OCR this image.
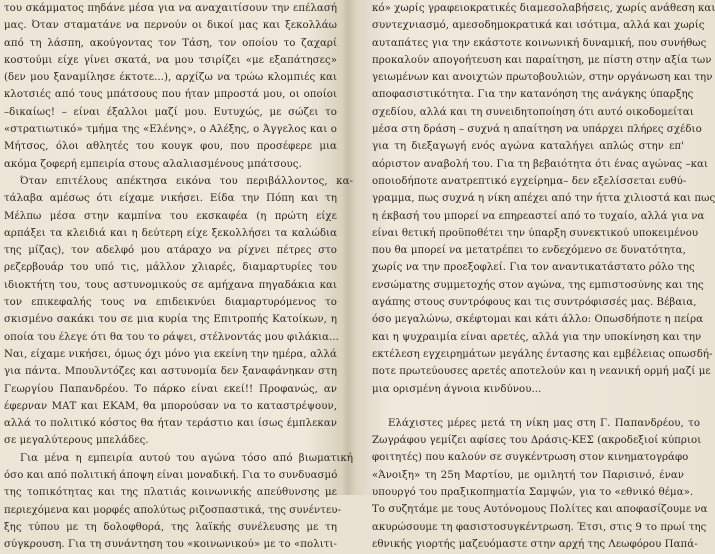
του σκάμματος πηδάνε μέσα για να αναχαιτίσουν την επέλασή
μας. Όταν σταματάνε να περνούν οι δικοί μας και ξεκολλάω
από τη λάσπη, ακούγοντας τον Τάση, τον οποίου το ζαχαρί
κοστούμι είχε γίνει σκατά, να μου τσιρίζει «με εξαπάτησες»
(δεν μου ξαναμίλησε έκτοτε...), αρχίζω να τρώω κλομπιές και
κλοτσιές από τους μπάτσους που ήταν μπροστά μου, οι οποίοι
–δικαίως! – είναι έξαλλοι μαζί μου. Ευτυχώς, με σώζει το
«στρατιωτικό» τμήμα της «Ελένης», ο Αλέξης, ο Άγγελος και ο
Μήτσος, όλοι αθλητές του κουγκ φου, που προσέφερε μια
ακόμα ζοφερή εμπειρία στους αλαλιασμένους μπάτσους.
Όταν επιτέλους απέκτησα εικόνα του περιβάλλοντος, κα-
τάλαβα αμέσως ότι είχαμε νικήσει. Είδα την Πόπη και τη
Μέλπω μέσα στην καμπίνα του εκσκαφέα (η πρώτη είχε
αρπάξει τα κλειδιά και η δεύτερη είχε ξεκολλήσει τα καλώδια
της μίζας), τον αδελφό μου ατάραχο να ρίχνει πέτρες στο
ρεζερβουάρ του υπό τις, μάλλον χλιαρές, διαμαρτυρίες του
ιδιοκτήτη του, τους αστυνομικούς σε αμήχανα πηγαδάκια και
τον επικεφαλής τους να επιδεικνύει διαμαρτυρόμενος το
σκισμένο σακάκι του σε μια κυρία της Επιτροπής Κατοίκων, η
οποία του έλεγε ότι θα του το ράψει, στέλνοντάς μου φιλάκια...
Ναι, είχαμε νικήσει, όμως όχι μόνο για εκείνη την ημέρα, αλλά
για πάντα. Μπουλντόζες και αστυνομία δεν ξαναφάνηκαν στη
Γεωργίου Παπανδρέου. Το πάρκο είναι εκεί!! Προφανώς, αν
έφερναν ΜΑΤ και ΕΚΑΜ, θα μπορούσαν να το καταστρέψουν,
αλλά το πολιτικό κόστος θα ήταν τεράστιο και ίσως έμπλεκαν
σε μεγαλύτερους μπελάδες.
Για μένα η εμπειρία αυτού του αγώνα τόσο από βιωματική
όσο και από πολιτική άποψη είναι μοναδική. Για το συνδυασμό
της τοπικότητας και της πλατιάς κοινωνικής απεύθυνσης με
περιεχόμενα και μορφές απολύτως ριζοσπαστικά, της συνέντευ-
ξης τύπου με τη δολοφθορά, της λαϊκής συνέλευσης με τη
σύγκρουση. Για τη συνάντηση του «κοινωνικού» με το «πολιτι-
κό» χωρίς γραφειοκρατικές διαμεσολαβήσεις, χωρίς ανάθεση και
συντεχνιασμό, αμεσοδημοκρατικά και ισότιμα, αλλά και χωρίς
αυταπάτες για την εκάστοτε κοινωνική δυναμική, που συνήθως
προκαλούν απογοήτευση και παραίτηση, με πίστη στην αξία των
γειωμένων και ανοιχτών πρωτοβουλιών, στην οργάνωση και την
αποφασιστικότητα. Για την κατανόηση της ανάγκης ύπαρξης
σχεδίου, αλλά και τη συνειδητοποίηση ότι αυτό οικοδομείται
μέσα στη δράση – συχνά η απαίτηση να υπάρχει πλήρες σχέδιο
για τη διεξαγωγή ενός αγώνα καταλήγει απλώς στην επ'
αόριστον αναβολή του. Για τη βεβαιότητα ότι ένας αγώνας –και
οποιοδήποτε ανατρεπτικό εγχείρημα– δεν εξελίσσεται ευθύ-
γραμμα, πως συχνά η νίκη απέχει από την ήττα χιλιοστά και πως
η έκβασή του μπορεί να επηρεαστεί από το τυχαίο, αλλά για να
είναι θετική προϋποθέτει την ύπαρξη συνεκτικού υποκειμένου
που θα μπορεί να μετατρέπει το ενδεχόμενο σε δυνατότητα,
χωρίς να την προεξοφλεί. Για τον αναντικατάστατο ρόλο της
ενσώματης συμμετοχής στον αγώνα, της εμπιστοσύνης και της
αγάπης στους συντρόφους και τις συντρόφισσές μας. Βέβαια,
όσο μεγαλώνω, σκέφτομαι και κάτι άλλο: Οπωσδήποτε η πείρα
και η ψυχραιμία είναι αρετές, αλλά για την υποκίνηση και την
εκτέλεση εγχειρημάτων μεγάλης έντασης και εμβέλειας οπωσδή-
ποτε πρωτεύουσες αρετές αποτελούν και η νεανική ορμή μαζί με
μια ορισμένη άγνοια κινδύνου...
Ελάχιστες μέρες μετά τη νίκη μας στη Γ. Παπανδρέου, το
Ζωγράφου γεμίζει αφίσες του Δράσις-ΚΕΣ (ακροδεξιοί κύπριοι
φοιτητές) που καλούν σε συγκέντρωση στον κινηματογράφο
«Άνοιξη» τη 25η Μαρτίου, με ομιλητή τον Παρισινό, έναν
υπουργό του πραξικοπηματία Σαμψών, για το «εθνικό θέμα».
Το συζητάμε με τους Αυτόνομους Πολίτες και αποφασίζουμε να
ακυρώσουμε τη φασιστοσυγκέντρωση. Έτσι, στις 9 το πρωί της
εθνικής γιορτής μαζευόμαστε στην αρχή της Λεωφόρου Παπά-
